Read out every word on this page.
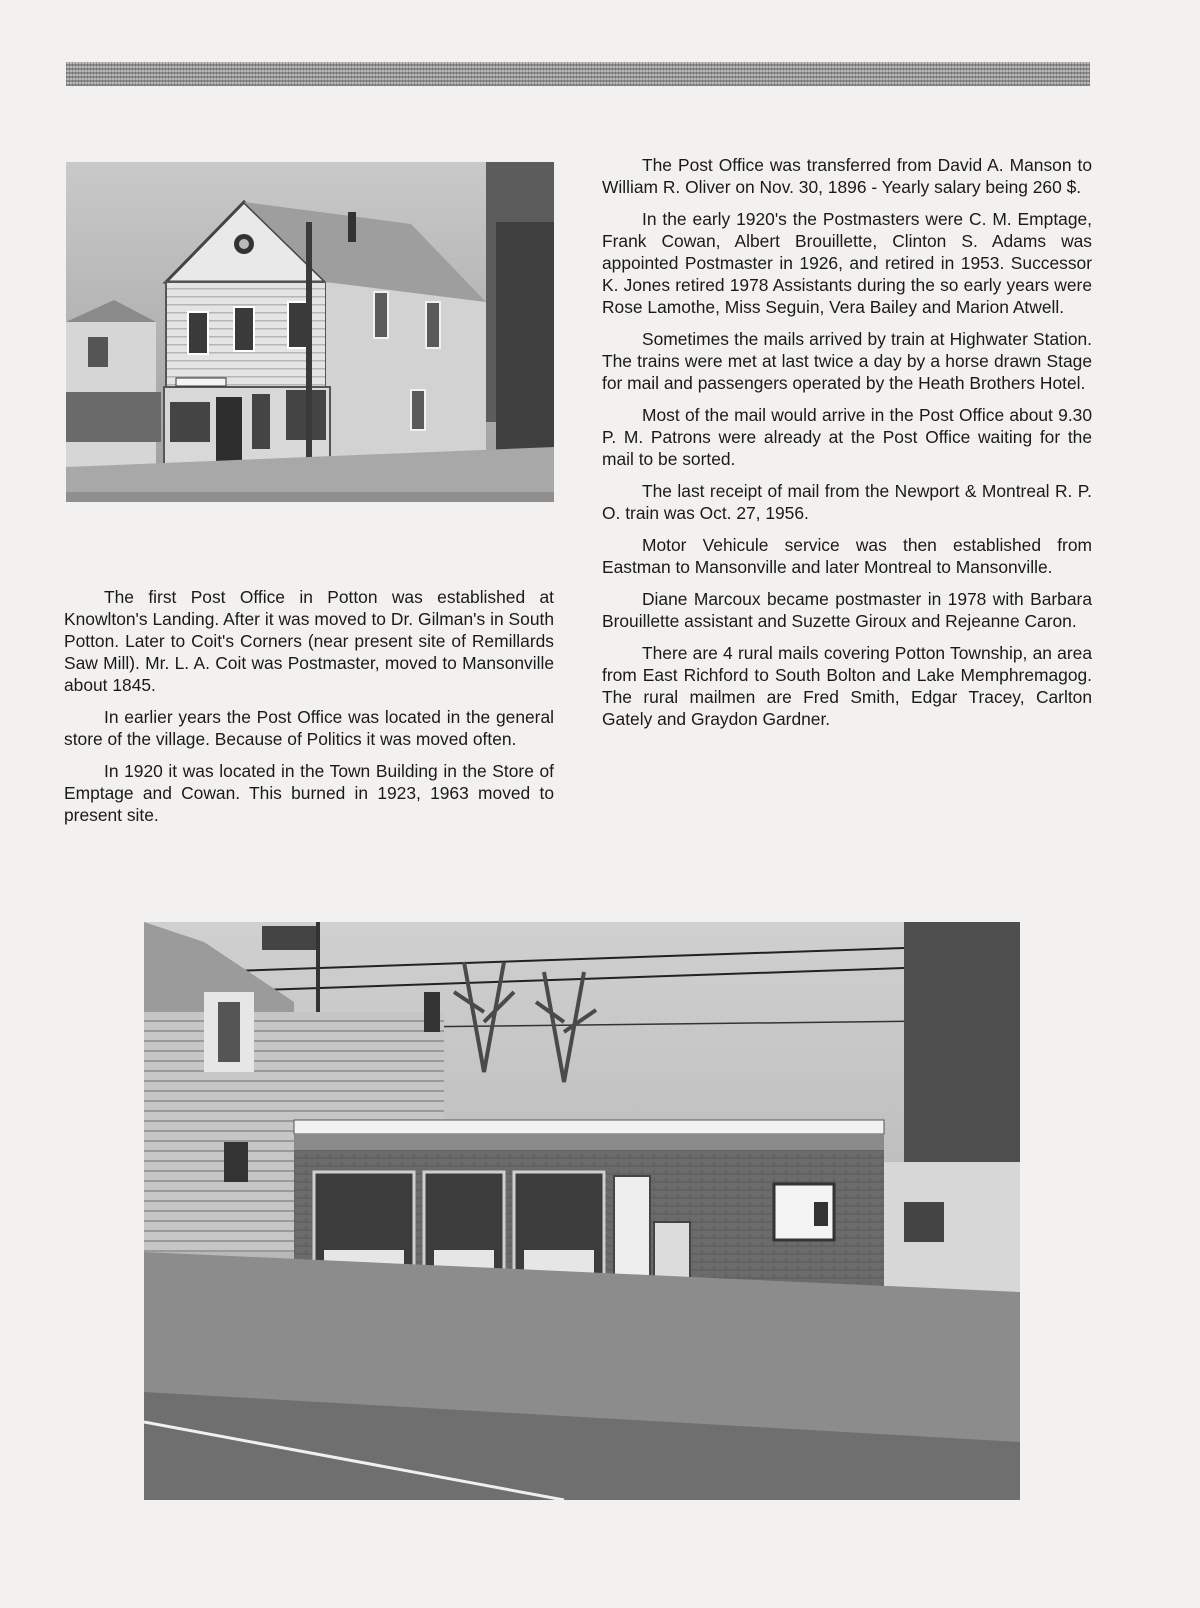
The first Post Office in Potton was established at Knowlton's Landing. After it was moved to Dr. Gilman's in South Potton. Later to Coit's Corners (near present site of Remillards Saw Mill). Mr. L. A. Coit was Postmaster, moved to Mansonville about 1845.

In earlier years the Post Office was located in the general store of the village. Because of Politics it was moved often.

In 1920 it was located in the Town Building in the Store of Emptage and Cowan. This burned in 1923, 1963 moved to present site.

The Post Office was transferred from David A. Manson to William R. Oliver on Nov. 30, 1896 - Yearly salary being 260 $.

In the early 1920's the Postmasters were C. M. Emptage, Frank Cowan, Albert Brouillette, Clinton S. Adams was appointed Postmaster in 1926, and retired in 1953. Successor K. Jones retired 1978 Assistants during the so early years were Rose Lamothe, Miss Seguin, Vera Bailey and Marion Atwell.

Sometimes the mails arrived by train at Highwater Station. The trains were met at last twice a day by a horse drawn Stage for mail and passengers operated by the Heath Brothers Hotel.

Most of the mail would arrive in the Post Office about 9.30 P. M. Patrons were already at the Post Office waiting for the mail to be sorted.

The last receipt of mail from the Newport & Montreal R. P. O. train was Oct. 27, 1956.

Motor Vehicule service was then established from Eastman to Mansonville and later Montreal to Mansonville.

Diane Marcoux became postmaster in 1978 with Barbara Brouillette assistant and Suzette Giroux and Rejeanne Caron.

There are 4 rural mails covering Potton Township, an area from East Richford to South Bolton and Lake Memphremagog. The rural mailmen are Fred Smith, Edgar Tracey, Carlton Gately and Graydon Gardner.
